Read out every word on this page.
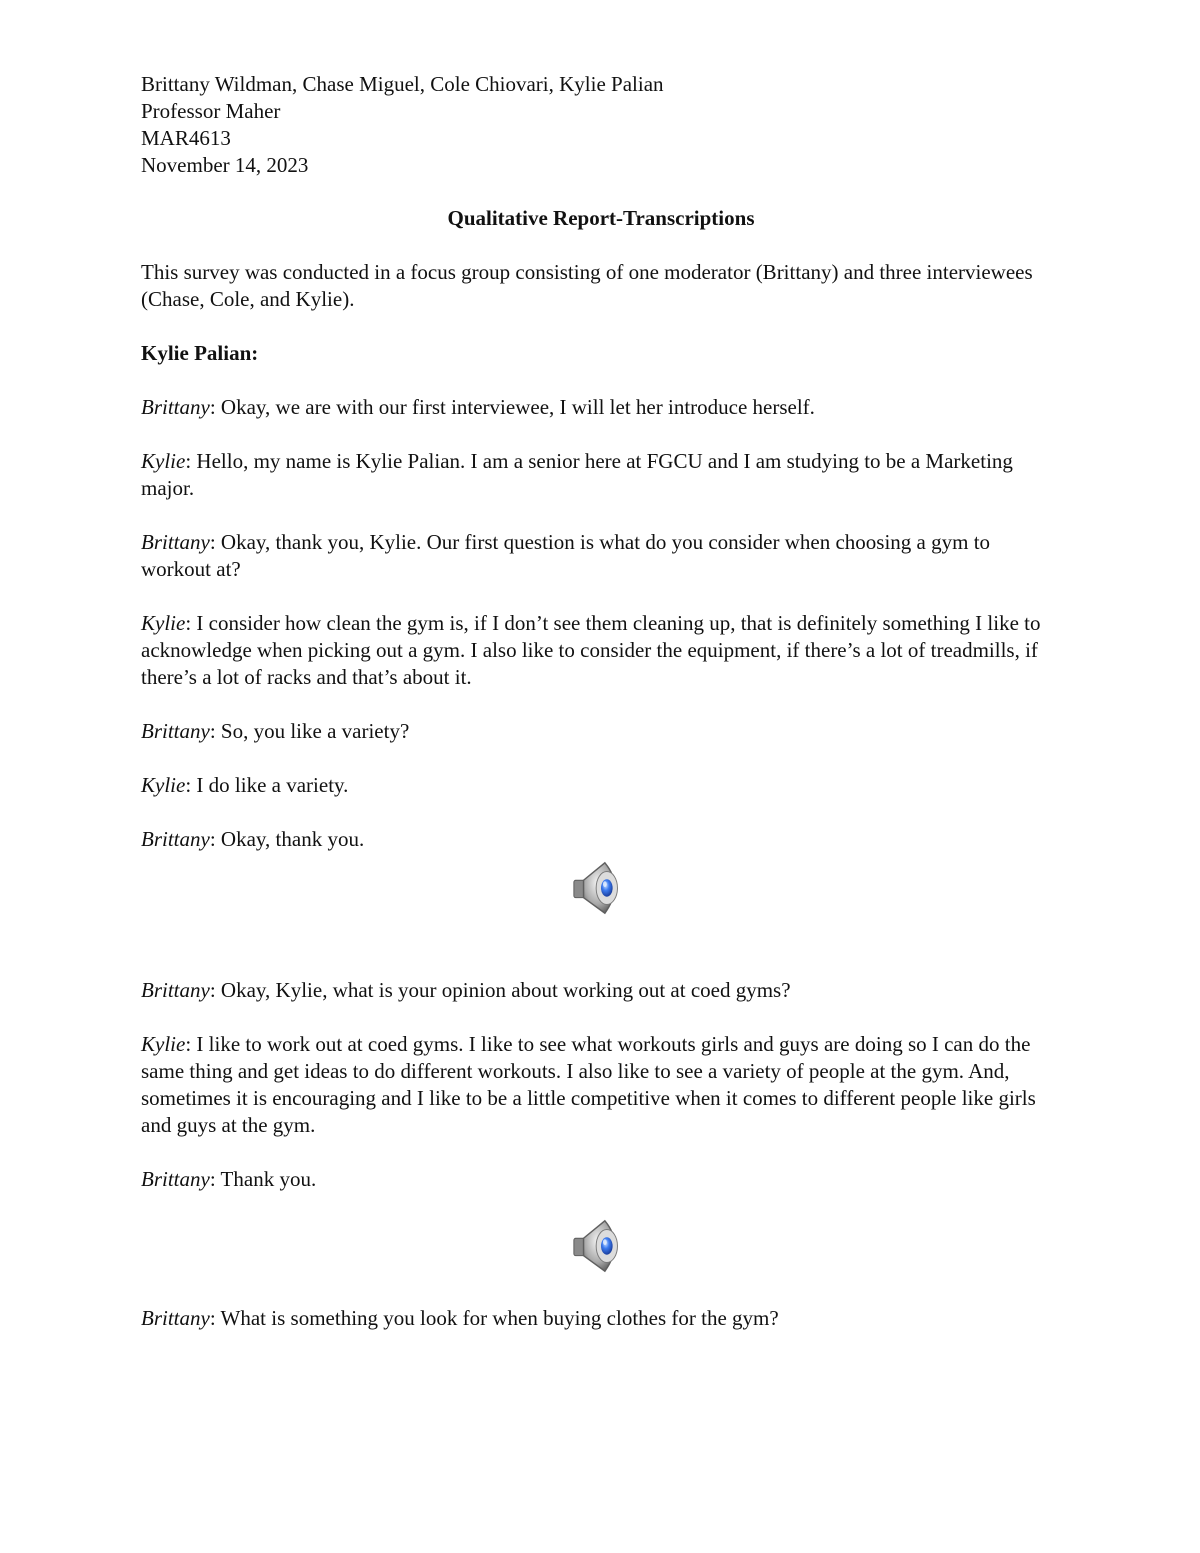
Brittany Wildman, Chase Miguel, Cole Chiovari, Kylie Palian

Professor Maher

MAR4613

November 14, 2023

Qualitative Report-Transcriptions

This survey was conducted in a focus group consisting of one moderator (Brittany) and three interviewees (Chase, Cole, and Kylie).

Kylie Palian:

Brittany: Okay, we are with our first interviewee, I will let her introduce herself.

Kylie: Hello, my name is Kylie Palian. I am a senior here at FGCU and I am studying to be a Marketing major.

Brittany: Okay, thank you, Kylie. Our first question is what do you consider when choosing a gym to workout at?

Kylie: I consider how clean the gym is, if I don’t see them cleaning up, that is definitely something I like to acknowledge when picking out a gym. I also like to consider the equipment, if there’s a lot of treadmills, if there’s a lot of racks and that’s about it.

Brittany: So, you like a variety?

Kylie: I do like a variety.

Brittany: Okay, thank you.

Brittany: Okay, Kylie, what is your opinion about working out at coed gyms?

Kylie: I like to work out at coed gyms. I like to see what workouts girls and guys are doing so I can do the same thing and get ideas to do different workouts. I also like to see a variety of people at the gym. And, sometimes it is encouraging and I like to be a little competitive when it comes to different people like girls and guys at the gym.

Brittany: Thank you.

Brittany: What is something you look for when buying clothes for the gym?
